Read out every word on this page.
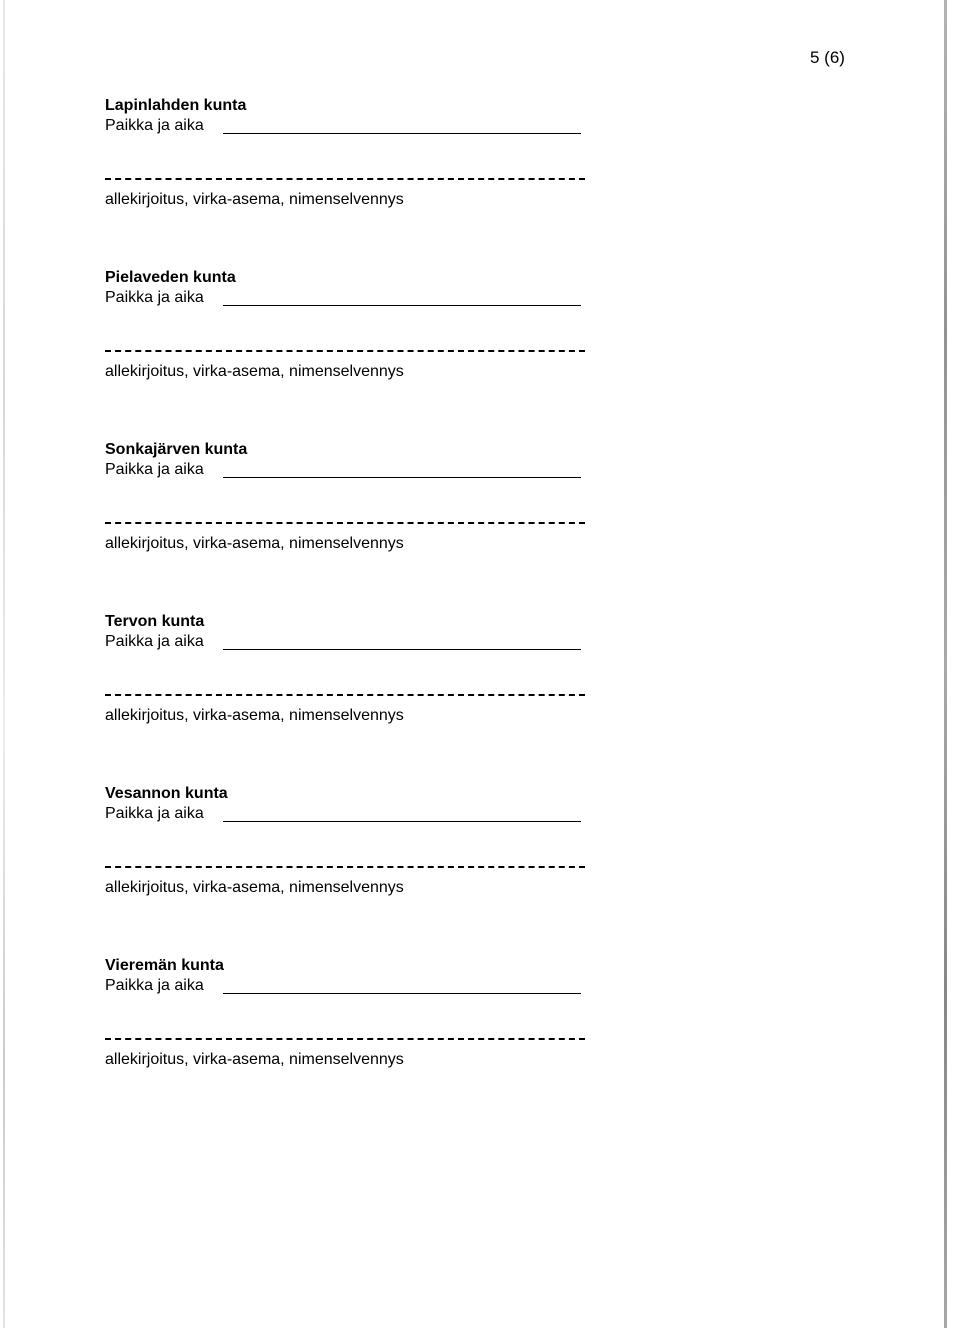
5 (6)
Lapinlahden kunta
Paikka ja aika
allekirjoitus, virka-asema, nimenselvennys
Pielaveden kunta
Paikka ja aika
allekirjoitus, virka-asema, nimenselvennys
Sonkajärven kunta
Paikka ja aika
allekirjoitus, virka-asema, nimenselvennys
Tervon kunta
Paikka ja aika
allekirjoitus, virka-asema, nimenselvennys
Vesannon kunta
Paikka ja aika
allekirjoitus, virka-asema, nimenselvennys
Vieremän kunta
Paikka ja aika
allekirjoitus, virka-asema, nimenselvennys
